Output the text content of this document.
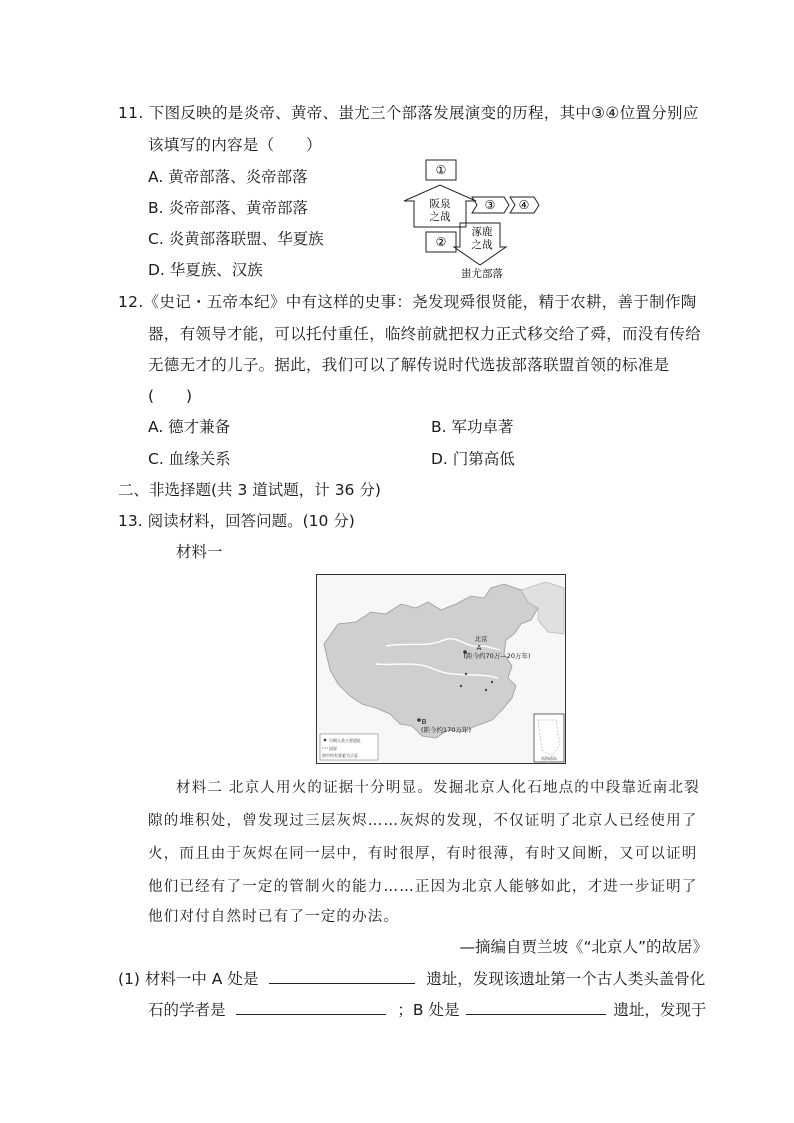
11. 下图反映的是炎帝、黄帝、蚩尤三个部落发展演变的历程，其中③④位置分别应
该填写的内容是（　　）
A. 黄帝部落、炎帝部落
B. 炎帝部落、黄帝部落
C. 炎黄部落联盟、华夏族
D. 华夏族、汉族
①
②
③ ④
阪泉
之战
涿鹿
之战
蚩尤部落
12.《史记・五帝本纪》中有这样的史事：尧发现舜很贤能，精于农耕，善于制作陶
器，有领导才能，可以托付重任，临终前就把权力正式移交给了舜，而没有传给
无德无才的儿子。据此，我们可以了解传说时代选拔部落联盟首领的标准是
(　　)
A. 德才兼备	B. 军功卓著
C. 血缘关系	D. 门第高低
二、非选择题(共 3 道试题，计 36 分)
13. 阅读材料，回答问题。(10 分)
材料一
南海诸岛
北京
A
(距今约70万—20万年)
B
(距今约170万年)
早期人类主要遗址
国界
图中所有要素为示意
材料二 北京人用火的证据十分明显。发掘北京人化石地点的中段靠近南北裂
隙的堆积处，曾发现过三层灰烬……灰烬的发现，不仅证明了北京人已经使用了
火，而且由于灰烬在同一层中，有时很厚，有时很薄，有时又间断，又可以证明
他们已经有了一定的管制火的能力……正因为北京人能够如此，才进一步证明了
他们对付自然时已有了一定的办法。
—摘编自贾兰坡《“北京人”的故居》
(1) 材料一中 A 处是	遗址，发现该遗址第一个古人类头盖骨化
石的学者是	；B 处是	遗址，发现于
